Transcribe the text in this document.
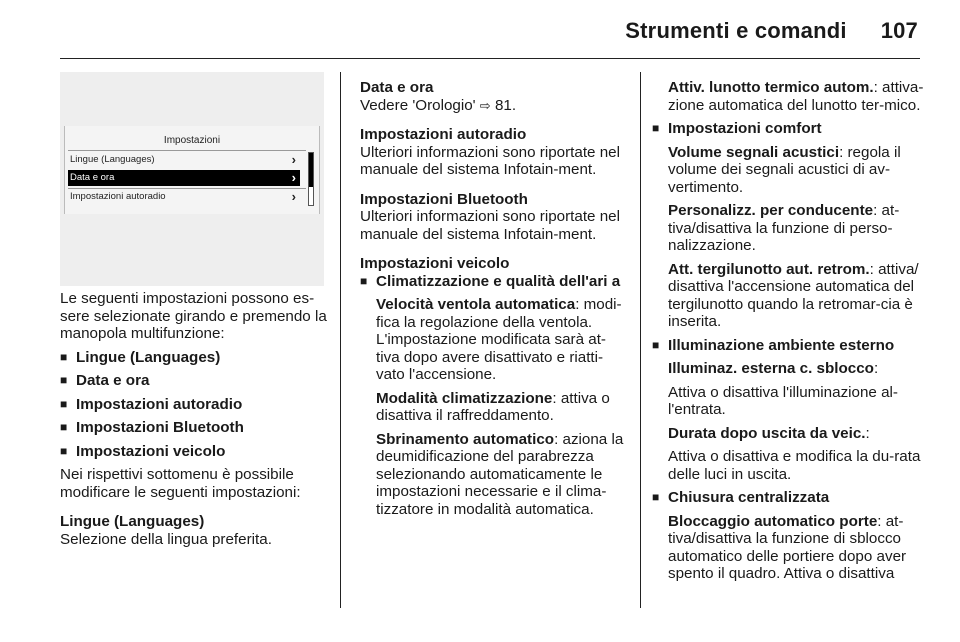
Strumenti e comandi 107
Impostazioni
Lingue (Languages)	›
Data e ora	›
Impostazioni autoradio	›

Le seguenti impostazioni possono es-sere selezionate girando e premendo la manopola multifunzione:

■ Lingue (Languages)
■ Data e ora
■ Impostazioni autoradio
■ Impostazioni Bluetooth
■ Impostazioni veicolo

Nei rispettivi sottomenu è possibile modificare le seguenti impostazioni:

Lingue (Languages)

Selezione della lingua preferita.

Data e ora

Vedere 'Orologio' ⇨ 81.

Impostazioni autoradio

Ulteriori informazioni sono riportate nel manuale del sistema Infotain-ment.

Impostazioni Bluetooth

Ulteriori informazioni sono riportate nel manuale del sistema Infotain-ment.

Impostazioni veicolo

■ Climatizzazione e qualità dell'ari a

Velocità ventola automatica: modi-fica la regolazione della ventola. L'impostazione modificata sarà at-tiva dopo avere disattivato e riatti-vato l'accensione.

Modalità climatizzazione: attiva o disattiva il raffreddamento.

Sbrinamento automatico: aziona la deumidificazione del parabrezza selezionando automaticamente le impostazioni necessarie e il clima-tizzatore in modalità automatica.

Attiv. lunotto termico autom.: attiva-zione automatica del lunotto ter-mico.

■ Impostazioni comfort

Volume segnali acustici: regola il volume dei segnali acustici di av-vertimento.

Personalizz. per conducente: at-tiva/disattiva la funzione di perso-nalizzazione.

Att. tergilunotto aut. retrom.: attiva/ disattiva l'accensione automatica del tergilunotto quando la retromar-cia è inserita.

■ Illuminazione ambiente esterno

Illuminaz. esterna c. sblocco:

Attiva o disattiva l'illuminazione al-l'entrata.

Durata dopo uscita da veic.:

Attiva o disattiva e modifica la du-rata delle luci in uscita.

■ Chiusura centralizzata

Bloccaggio automatico porte: at-tiva/disattiva la funzione di sblocco automatico delle portiere dopo aver spento il quadro. Attiva o disattiva
